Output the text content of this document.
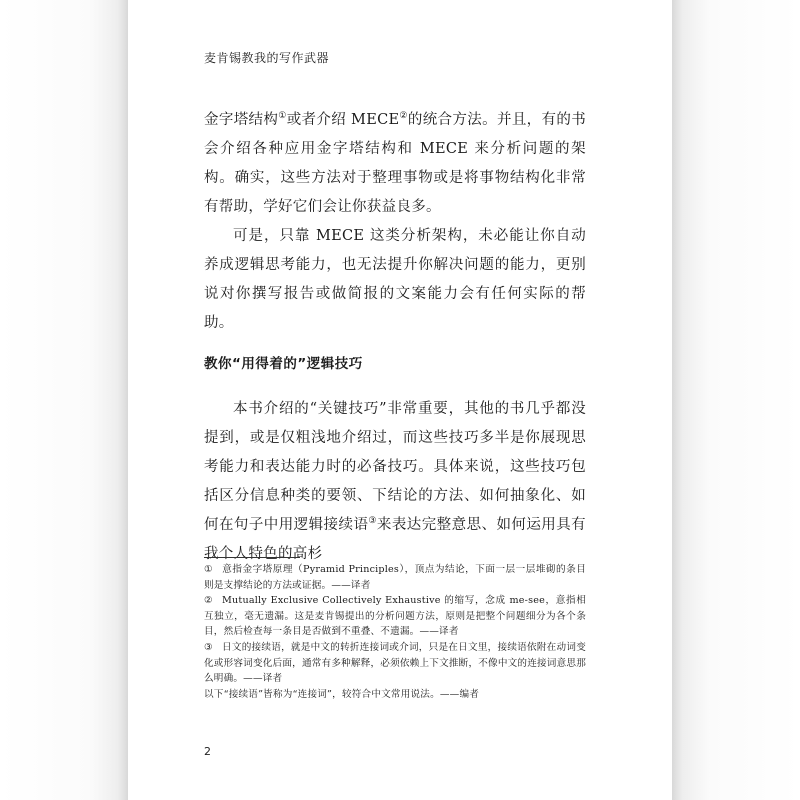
麦肯锡教我的写作武器

金字塔结构①或者介绍 MECE②的统合方法。并且，有的书会介绍各种应用金字塔结构和 MECE 来分析问题的架构。确实，这些方法对于整理事物或是将事物结构化非常有帮助，学好它们会让你获益良多。

可是，只靠 MECE 这类分析架构，未必能让你自动养成逻辑思考能力，也无法提升你解决问题的能力，更别说对你撰写报告或做简报的文案能力会有任何实际的帮助。

教你“用得着的”逻辑技巧

本书介绍的“关键技巧”非常重要，其他的书几乎都没提到，或是仅粗浅地介绍过，而这些技巧多半是你展现思考能力和表达能力时的必备技巧。具体来说，这些技巧包括区分信息种类的要领、下结论的方法、如何抽象化、如何在句子中用逻辑接续语③来表达完整意思、如何运用具有我个人特色的高杉

① 意指金字塔原理（Pyramid Principles），顶点为结论，下面一层一层堆砌的条目则是支撑结论的方法或证据。——译者

② Mutually Exclusive Collectively Exhaustive 的缩写，念成 me-see，意指相互独立，毫无遗漏。这是麦肯锡提出的分析问题方法，原则是把整个问题细分为各个条目，然后检查每一条目是否做到不重叠、不遗漏。——译者

③ 日文的接续语，就是中文的转折连接词或介词，只是在日文里，接续语依附在动词变化或形容词变化后面，通常有多种解释，必须依赖上下文推断，不像中文的连接词意思那么明确。——译者

以下“接续语”皆称为“连接词”，较符合中文常用说法。——编者

2
